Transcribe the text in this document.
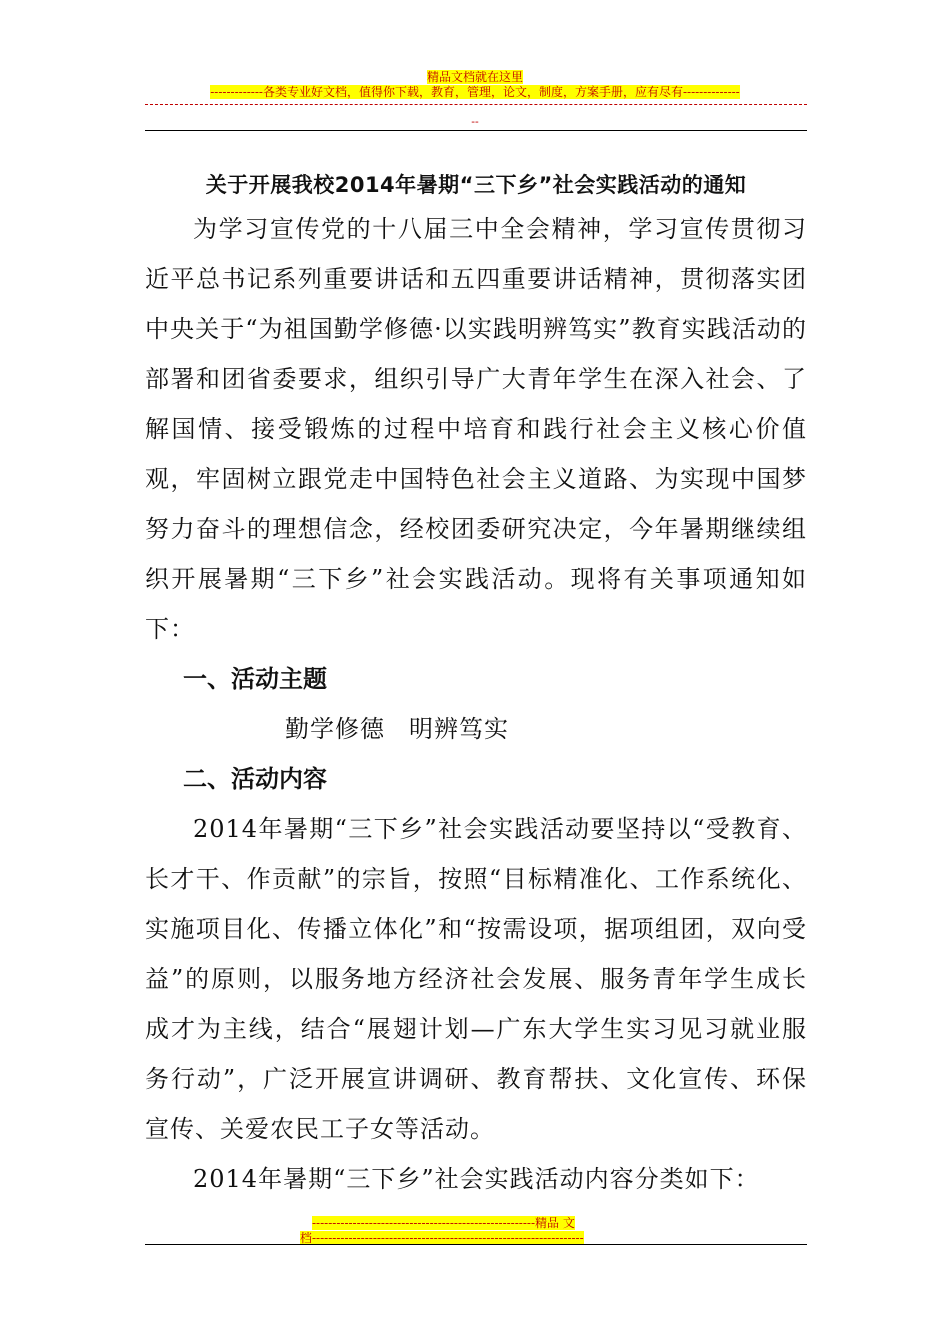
精品文档就在这里
-------------各类专业好文档，值得你下载，教育，管理，论文，制度，方案手册，应有尽有--------------
--
关于开展我校2014年暑期“三下乡”社会实践活动的通知

为学习宣传党的十八届三中全会精神，学习宣传贯彻习近平总书记系列重要讲话和五四重要讲话精神，贯彻落实团中央关于“为祖国勤学修德·以实践明辨笃实”教育实践活动的部署和团省委要求，组织引导广大青年学生在深入社会、了解国情、接受锻炼的过程中培育和践行社会主义核心价值观，牢固树立跟党走中国特色社会主义道路、为实现中国梦努力奋斗的理想信念，经校团委研究决定，今年暑期继续组织开展暑期“三下乡”社会实践活动。现将有关事项通知如下：

一、活动主题

勤学修德 明辨笃实

二、活动内容

2014年暑期“三下乡”社会实践活动要坚持以“受教育、长才干、作贡献”的宗旨，按照“目标精准化、工作系统化、实施项目化、传播立体化”和“按需设项，据项组团，双向受益”的原则，以服务地方经济社会发展、服务青年学生成长成才为主线，结合“展翅计划—广东大学生实习见习就业服务行动”，广泛开展宣讲调研、教育帮扶、文化宣传、环保宣传、关爱农民工子女等活动。

2014年暑期“三下乡”社会实践活动内容分类如下：

-------------------------------------------------------精品 文
档-------------------------------------------------------------------
